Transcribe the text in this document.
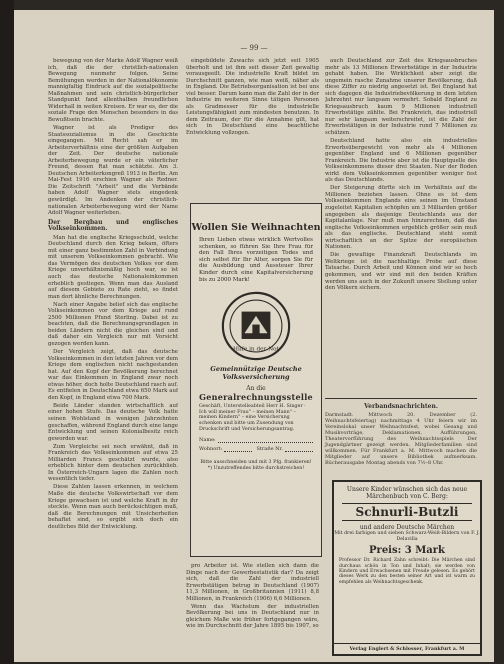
— 99 —

bewegung von der Marke Adolf Wagner weiß ich, daß die der christlich-nationalen Bewegung nunmehr folgen. Seine Bemühungen werden in der Nationalökonomie mannigfaltig Eindruck auf die sozialpolitische Maßnahmen und sein christlich-bürgerlicher Standpunkt fand allenthalben freundlichen Widerhall in weiten Kreisen. Er war es, der die soziale Frage den Menschen besonders in das Bewußtsein brachte.

Wagner ist als Prediger des Staatssozialismus in die Geschichte eingegangen. Mit Recht sah er im Arbeiterverhältnis eine der größten Aufgaben der Zeit. Der deutsche nationale Arbeiterbewegung wurde er ein väterlicher Freund, dessen Rat man schätzte. Am 3. Deutschen Arbeiterkongreß 1913 in Berlin. Am Mai-Fest 1916 erschien Wagner als Redner. Die Zeitschrift "Arbeit" und die Verbände haben Adolf Wagner stets eingedenk gewürdigt. Im Andenken der christlich-nationalen Arbeiterbewegung wird der Name Adolf Wagner weiterleben.

Der Bergbau und englisches Volkseinkommen.

Man hat die englische Kriegsschuld, welche Deutschland durch den Krieg bekam, öfters mit einer ganz bestimmten Zahl in Verbindung mit unserem Volkseinkommen gebracht. Wie das Vermögen des deutschen Volkes vor dem Kriege unverhältnismäßig hoch war, so ist auch das deutsche Nationaleinkommen erheblich gestiegen. Wenn man das Ausland auf diesem Gebiete zu Rate zieht, so findet man dort ähnliche Berechnungen.

Nach einer Angabe belief sich das englische Volkseinkommen vor dem Kriege auf rund 2500 Millionen Pfund Sterling. Dabei ist zu beachten, daß die Berechnungsgrundlagen in beiden Ländern nicht die gleichen sind und daß daher ein Vergleich nur mit Vorsicht gezogen werden kann.

Der Vergleich zeigt, daß das deutsche Volkseinkommen in den letzten Jahren vor dem Kriege dem englischen nicht nachgestanden hat. Auf den Kopf der Bevölkerung berechnet war das Einkommen in England zwar noch etwas höher, doch holte Deutschland rasch auf. Es entfielen in Deutschland etwa 650 Mark auf den Kopf, in England etwa 700 Mark.

Beide Länder standen wirtschaftlich auf einer hohen Stufe. Das deutsche Volk hatte seinen Wohlstand in wenigen Jahrzehnten geschaffen, während England durch eine lange Entwicklung und seinen Kolonialbesitz reich geworden war.

Zum Vergleiche sei noch erwähnt, daß in Frankreich das Volkseinkommen auf etwa 25 Milliarden Francs geschätzt wurde, also erheblich hinter dem deutschen zurückblieb. In Österreich-Ungarn lagen die Zahlen noch wesentlich tiefer.

Diese Zahlen lassen erkennen, in welchem Maße die deutsche Volkswirtschaft vor dem Kriege gewachsen ist und welche Kraft in ihr steckte. Wenn man auch berücksichtigen muß, daß die Berechnungen mit Unsicherheiten behaftet sind, so ergibt sich doch ein deutliches Bild der Entwicklung.

eingebildete Zuwachs sich jetzt seit 1905 überholt und ist ihm seit dieser Zeit gewaltig vorausgeeilt. Die industrielle Kraft bildet im Durchschnitt ganzen, wie man weiß, näher als in England. Die Betriebsorganisation ist bei uns viel besser. Darum kann man die Zahl der in der Industrie im weiteren Sinne tätigen Personen als Gradmesser für die industrielle Leistungsfähigkeit zum mindesten benutzen. In dem Zeitraum, der für die Annahme gilt, hat sich in Deutschland eine beachtliche Entwicklung vollzogen.

Wollen Sie Weihnachten
Ihren Lieben etwas wirklich Wertvolles schenken, so führen Sie Ihre Frau für den Fall Ihres vorzeitigen Todes und sich selbst für Ihr Alter, sorgen Sie für die Ausbildung und Aussteuer Ihrer Kinder durch eine Kapitalversicherung bis zu 2000 Mark!
Hilfe in der Not
Gemeinnützige Deutsche
Volksversicherung
An die
Generalrechnungsstelle
Geschäft, Unterstelleabteil Herr H. Singer · Ich will meiner Frau" – meinen Mann" – meinen Kindern" – eine Versicherung schenken und bitte um Zusendung von Druckschrift und Versicherungsantrag.
Name:
Wohnort:	Straße Nr.
Bitte ausschneiden und mit 3 Pfg. frankieren!
*) Unzutreffendes bitte durchstreichen!

pro Arbeiter ist. Wie stellen sich dann die Dinge nach der Gewerbestatistik dar? Da zeigt sich, daß die Zahl der industriell Erwerbstätigen betrug in Deutschland (1907) 11,3 Millionen, in Großbritannien (1911) 8,8 Millionen, in Frankreich (1906) 6,6 Millionen.

Wenn das Wachstum der industriellen Bevölkerung bei uns in Deutschland nur in gleichem Maße wie früher fortgegangen wäre, wie im Durchschnitt der Jahre 1895 bis 1907, so

auch Deutschland zur Zeit des Kriegsausbruches mehr als 13 Millionen Erwerbstätige in der Industrie gehabt haben. Die Wirklichkeit aber zeigt die ungemein rasche Zunahme unserer Bevölkerung, daß diese Ziffer zu niedrig angesetzt ist. Bei England hat sich dagegen die Industriebevölkerung in dem letzten Jahrzehnt nur langsam vermehrt. Sobald England zu Kriegsausbruch kaum 9 Millionen industriell Erwerbstätige zählte. Bei Frankreich, das industriell nur sehr langsam weiterschreitet, ist die Zahl der Erwerbstätigen in der Industrie rund 7 Millionen zu schätzen.

Deutschland hatte also ein industrielles Erwerbsübergewicht von mehr als 4 Millionen gegenüber England und 6 Millionen gegenüber Frankreich. Die Industrie aber ist die Hauptquelle des Volkseinkommens dieser drei Staaten. Nur der Boden wirkt dem Volkseinkommen gegenüber weniger fest als das Deutschlands.

Der Steigerung dürfte sich im Verhältnis auf die Millionen beziehen lassen. Ohne es ist dem Volkseinkommen Englands eins seinen im Umstand zugeleitet Kapitalien schöpfen um 3 Milliarden größer angegeben als dasjenige Deutschlands aus der Kapitalanlage. Nur muß man hinzurechnen, daß das englische Volkseinkommen ergeblich größer sein muß als das englische. Deutschland steht somit wirtschaftlich an der Spitze der europäischen Nationen.

Die gewaltige Finanzkraft Deutschlands im Weltkriege ist die nachhaltige Probe auf diese Tatsache. Durch Arbeit und Können sind wir so hoch gekommen, und wir sind mit den beiden Kräften werden uns auch in der Zukunft unsere Stellung unter den Völkern sichern.

Verbandsnachrichten.
Darmstadt. Mittwoch 20. Dezember (2. Weihnachtsfeiertag) nachmittags 4 Uhr feiern wir im Vereinslokal unser Weihnachtsfest, wobei Gesang und Musikvorträge, Deklamationen, Aufführungen, Theatervorführung des Weihnachtsspiels Der Jugendgärtner gezeigt werden. Mitgliederfamilien sind willkommen. Für Frankfurt a. M. Mittwoch machen die Mitglieder auf unsere Bibliothek aufmerksam. Bücherausgabe Montag abends von 7½–8 Uhr.
Unsere Kinder wünschen sich das neue Märchenbuch von C. Berg:
Schnurli-Butzli
und andere Deutsche Märchen
Mit drei farbigen und sieben Schwarz-Weiß-Bildern von F. J. Delavilla
Preis: 3 Mark
Professor Dr. Richard Zahn schreibt: Die Märchen sind durchaus schön in Ton und Inhalt; sie werden von Kindern und Erwachsenen mit Freude gelesen. Es gehört dieses Werk zu den besten seiner Art und ist warm zu empfehlen als Weihnachtsgeschenk.
Verlag Englert & Schlosser, Frankfurt a. M
